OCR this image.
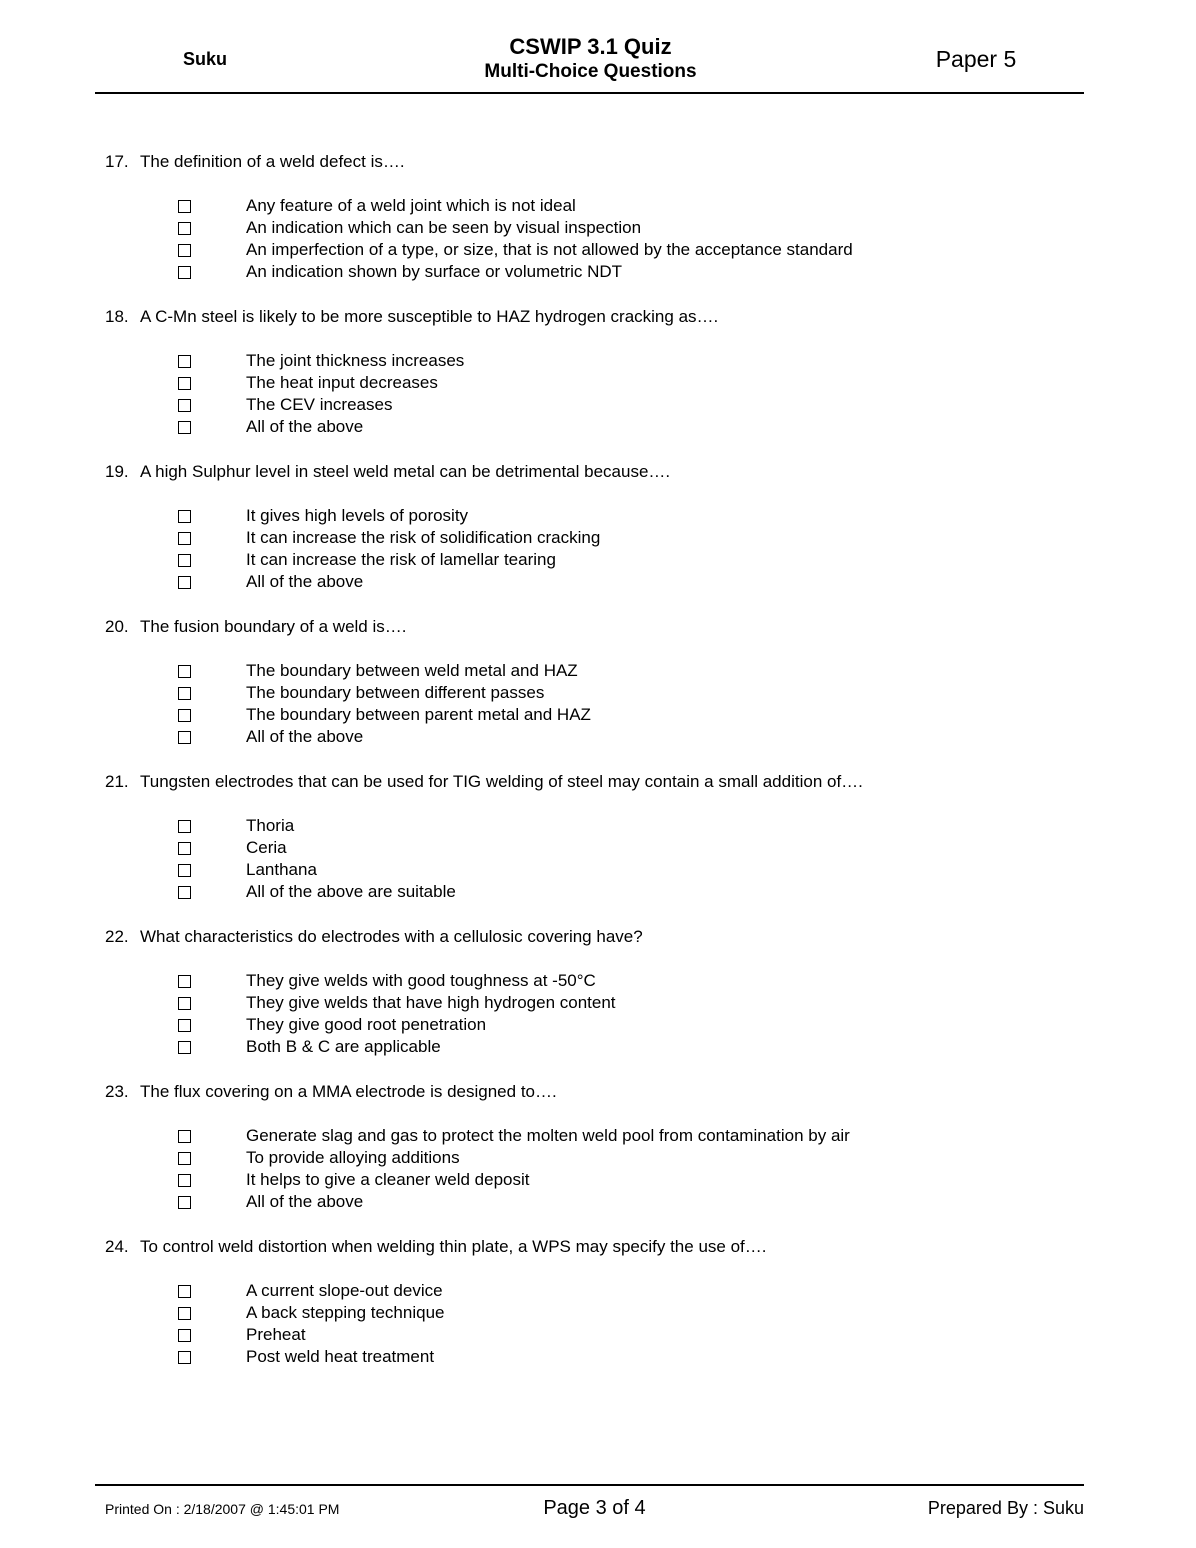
Suku	CSWIP 3.1 Quiz
Multi-Choice Questions	Paper 5
17. The definition of a weld defect is….
Any feature of a weld joint which is not ideal
An indication which can be seen by visual inspection
An imperfection of a type, or size, that is not allowed by the acceptance standard
An indication shown by surface or volumetric NDT
18. A C-Mn steel is likely to be more susceptible to HAZ hydrogen cracking as….
The joint thickness increases
The heat input decreases
The CEV increases
All of the above
19. A high Sulphur level in steel weld metal can be detrimental because….
It gives high levels of porosity
It can increase the risk of solidification cracking
It can increase the risk of lamellar tearing
All of the above
20. The fusion boundary of a weld is….
The boundary between weld metal and HAZ
The boundary between different passes
The boundary between parent metal and HAZ
All of the above
21. Tungsten electrodes that can be used for TIG welding of steel may contain a small addition of….
Thoria
Ceria
Lanthana
All of the above are suitable
22. What characteristics do electrodes with a cellulosic covering have?
They give welds with good toughness at -50°C
They give welds that have high hydrogen content
They give good root penetration
Both B & C are applicable
23. The flux covering on a MMA electrode is designed to….
Generate slag and gas to protect the molten weld pool from contamination by air
To provide alloying additions
It helps to give a cleaner weld deposit
All of the above
24. To control weld distortion when welding thin plate, a WPS may specify the use of….
A current slope-out device
A back stepping technique
Preheat
Post weld heat treatment
Printed On : 2/18/2007 @ 1:45:01 PM	Page 3 of 4	Prepared By : Suku
